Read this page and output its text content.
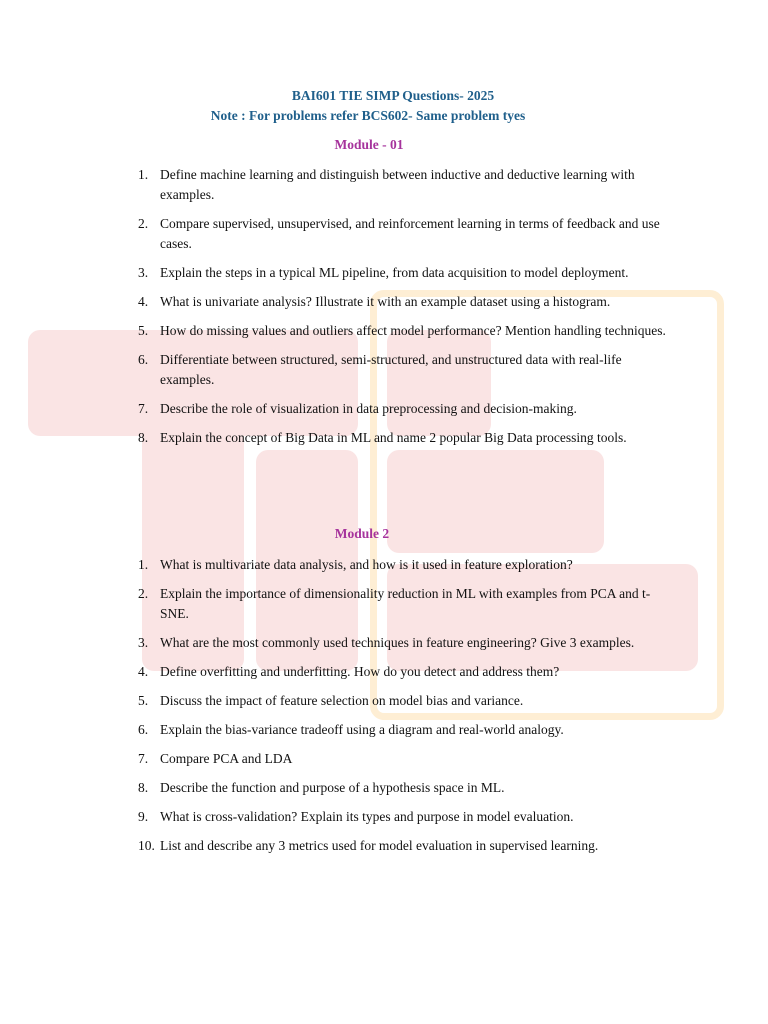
BAI601 TIE SIMP Questions- 2025
Note : For problems refer BCS602- Same problem tyes
Module - 01
1. Define machine learning and distinguish between inductive and deductive learning with examples.
2. Compare supervised, unsupervised, and reinforcement learning in terms of feedback and use cases.
3. Explain the steps in a typical ML pipeline, from data acquisition to model deployment.
4. What is univariate analysis? Illustrate it with an example dataset using a histogram.
5. How do missing values and outliers affect model performance? Mention handling techniques.
6. Differentiate between structured, semi-structured, and unstructured data with real-life examples.
7. Describe the role of visualization in data preprocessing and decision-making.
8. Explain the concept of Big Data in ML and name 2 popular Big Data processing tools.
Module 2
1. What is multivariate data analysis, and how is it used in feature exploration?
2. Explain the importance of dimensionality reduction in ML with examples from PCA and t-SNE.
3. What are the most commonly used techniques in feature engineering? Give 3 examples.
4. Define overfitting and underfitting. How do you detect and address them?
5. Discuss the impact of feature selection on model bias and variance.
6. Explain the bias-variance tradeoff using a diagram and real-world analogy.
7. Compare PCA and LDA
8. Describe the function and purpose of a hypothesis space in ML.
9. What is cross-validation? Explain its types and purpose in model evaluation.
10. List and describe any 3 metrics used for model evaluation in supervised learning.
